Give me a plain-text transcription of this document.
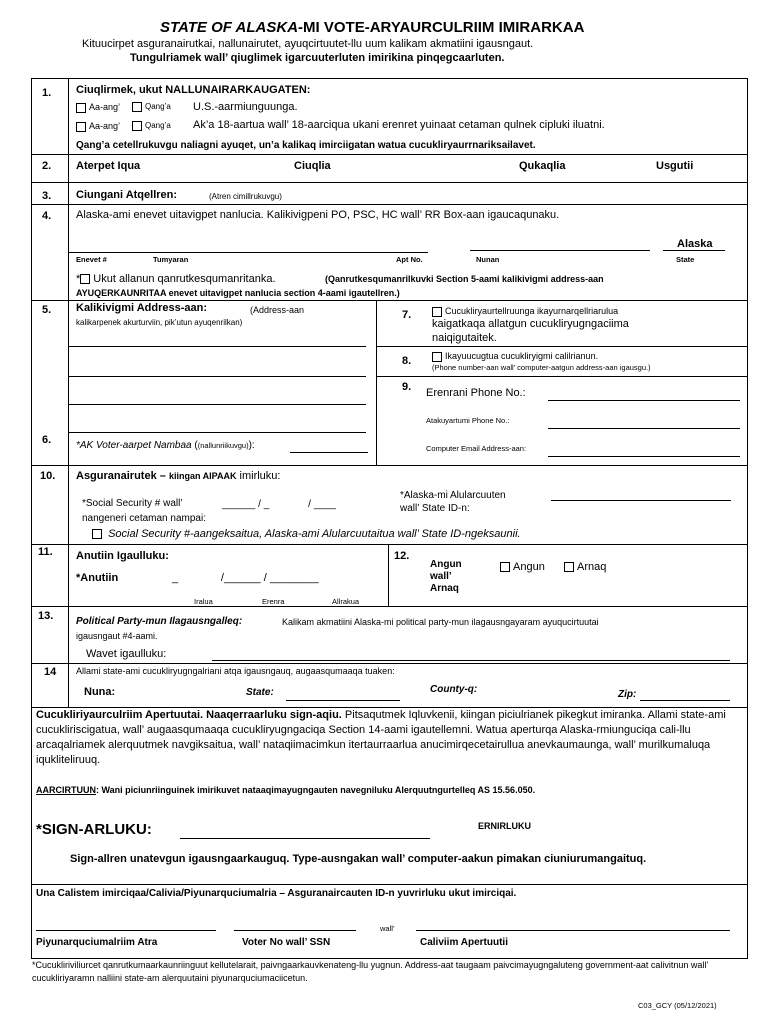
STATE OF ALASKA-MI VOTE-ARYAURCULRIIM IMIRARKAA
Kituucirpet asguranairutkai, nallunairutet, ayuqcirtuutet-llu uum kalikam akmatiini igausngaut.
Tungulriamek wall’ qiuglimek igarcuuterluten imirikina pinqegcaarluten.
1. Ciuqlirmek, ukut NALLUNAIRARKAUGATEN:
Aa-ang’	Qang’a U.S.-aarmiunguunga.
Aa-ang’	Qang’a Ak’a 18-aartua wall’ 18-aarciqua ukani erenret yuinaat cetaman qulnek cipluki iluatni.
Qang’a cetellrukuvgu naliagni ayuqet, un’a kalikaq imirciigatan watua cucukliryaurrnariksailavet.
2. Aterpet Iqua	Ciuqlia	Qukaqlia	Usgutii
3. Ciungani Atqellren:	(Atren cimillrukuvgu)
4. Alaska-ami enevet uitavigpet nanlucia. Kalikivigpeni PO, PSC, HC wall’ RR Box-aan igaucaqunaku.
Alaska
Enevet #	Tumyaran	Apt No.	Nunan	State
* Ukut allanun qanrutkesqumanritanka.	(Qanrutkesqumanrilkuvki Section 5-aami kalikivigmi address-aan
AYUQERKAUNRITAA enevet uitavigpet nanlucia section 4-aami igautellren.)
5. Kalikivigmi Address-aan:	(Address-aan
kalikarpenek akurturviin, pik’utun ayuqenrilkan)
6. *AK Voter-aarpet Nambaa ((nallunriikuvgu)):
7.	Cucukliryaurtellruunga ikayurnarqellriarulua
kaigatkaqa allatgun cucukliryugngaciima
naiqigutaitek.
8.	Ikayuucugtua cucukliryigmi calilrianun.
(Phone number-aan wall’ computer-aatgun address-aan igausgu.)
9. Erenrani Phone No.:
Atakuyartumi Phone No.:
Computer Email Address-aan:
10. Asguranairutek – kiingan AIPAAK imirluku:
*Social Security # wall’	______ / _              / ____
nangeneri cetaman nampai:
*Alaska-mi Alularcuuten
wall’ State ID-n:
Social Security #-aangeksaitua, Alaska-ami Alularcuutaitua wall’ State ID-ngeksaunii.
11. Anutiin Igaulluku:
*Anutiin	_              /______ / ________
Iraluа	Erenra	Allrakua
12.
Angun
wall’
Arnaq
Angun	Arnaq
13. Political Party-mun Ilagausngalleq:	Kalikam akmatiini Alaska-mi political party-mun ilagausngayaram ayuqucirtuutai
igausngaut #4-aami.
Wavet igaulluku:
14 Allami state-ami cucukliryugngalriani atqa igausngauq, augaasqumaaqa tuaken:
Nuna:	State:	County-q:	Zip:
Cucukliriyaurculriim Apertuutai. Naaqerraarluku sign-aqiu. Pitsaqutmek Iqluvkenii, kiingan piciulrianek pikegkut imiranka. Allami state-ami cucukliriscigatua, wall’ augaasqumaaqa cucukliryugngaciqa Section 14-aami igautellemni. Watua aperturqa Alaska-rmiunguciqa cali-llu arcaqalriamek alerquutmek navgiksaitua, wall’ nataqiimacimkun itertaurraarlua anucimirqecetairullua anevkaumaunga, wall’ murilkumaluqa iqukliteliruuq.
AARCIRTUUN: Wani piciunriinguinek imirikuvet nataaqimayugngauten navegniluku Alerquutngurtelleq AS 15.56.050.
*SIGN-ARLUKU:	ERNIRLUKU
Sign-allren unatevgun igausngaarkauguq. Type-ausngakan wall’ computer-aakun pimakan ciuniurumangaituq.
Una Calistem imirciqaa/Calivia/Piyunarquciumalria – Asguranaircauten ID-n yuvrirluku ukut imirciqai.
wall’
Piyunarquciumalriim Atra	Voter No wall’ SSN	Caliviim Apertuutii
*Cucukliriviliurcet qanrutkumaarkaunriinguut kellutelarait, paivngaarkauvkenateng-llu yugnun. Address-aat taugaam paivcimayugngaluteng government-aat calivitnun wall’ cucukliriyaramn nalliini state-am alerquutaini piyunarquciumaciicetun.
C03_GCY (05/12/2021)
